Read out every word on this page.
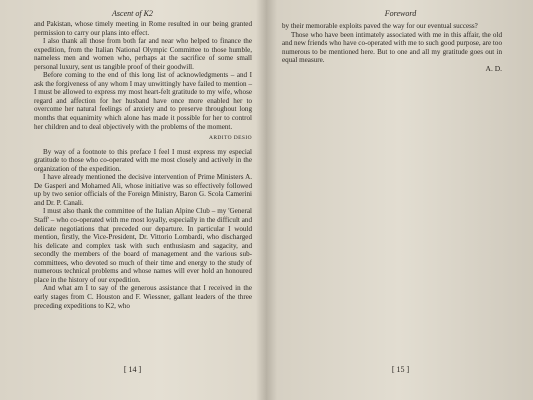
Ascent of K2

and Pakistan, whose timely meeting in Rome resulted in our being granted permission to carry our plans into effect.

I also thank all those from both far and near who helped to finance the expedition, from the Italian National Olympic Committee to those humble, nameless men and women who, perhaps at the sacrifice of some small personal luxury, sent us tangible proof of their goodwill.

Before coming to the end of this long list of acknowledgments – and I ask the forgiveness of any whom I may unwittingly have failed to mention – I must be allowed to express my most heart-felt gratitude to my wife, whose regard and affection for her husband have once more enabled her to overcome her natural feelings of anxiety and to preserve throughout long months that equanimity which alone has made it possible for her to control her children and to deal objectively with the problems of the moment.

ARDITO DESIO

By way of a footnote to this preface I feel I must express my especial gratitude to those who co-operated with me most closely and actively in the organization of the expedition.

I have already mentioned the decisive intervention of Prime Ministers A. De Gasperi and Mohamed Ali, whose initiative was so effectively followed up by two senior officials of the Foreign Ministry, Baron G. Scola Camerini and Dr. P. Canali.

I must also thank the committee of the Italian Alpine Club – my 'General Staff' – who co-operated with me most loyally, especially in the difficult and delicate negotiations that preceded our departure. In particular I would mention, firstly, the Vice-President, Dr. Vittorio Lombardi, who discharged his delicate and complex task with such enthusiasm and sagacity, and secondly the members of the board of management and the various sub-committees, who devoted so much of their time and energy to the study of numerous technical problems and whose names will ever hold an honoured place in the history of our expedition.

And what am I to say of the generous assistance that I received in the early stages from C. Houston and F. Wiessner, gallant leaders of the three preceding expeditions to K2, who

[ 14 ]
Foreword

by their memorable exploits paved the way for our eventual success?

Those who have been intimately associated with me in this affair, the old and new friends who have co-operated with me to such good purpose, are too numerous to be mentioned here. But to one and all my gratitude goes out in equal measure.

A. D.
[ 15 ]
